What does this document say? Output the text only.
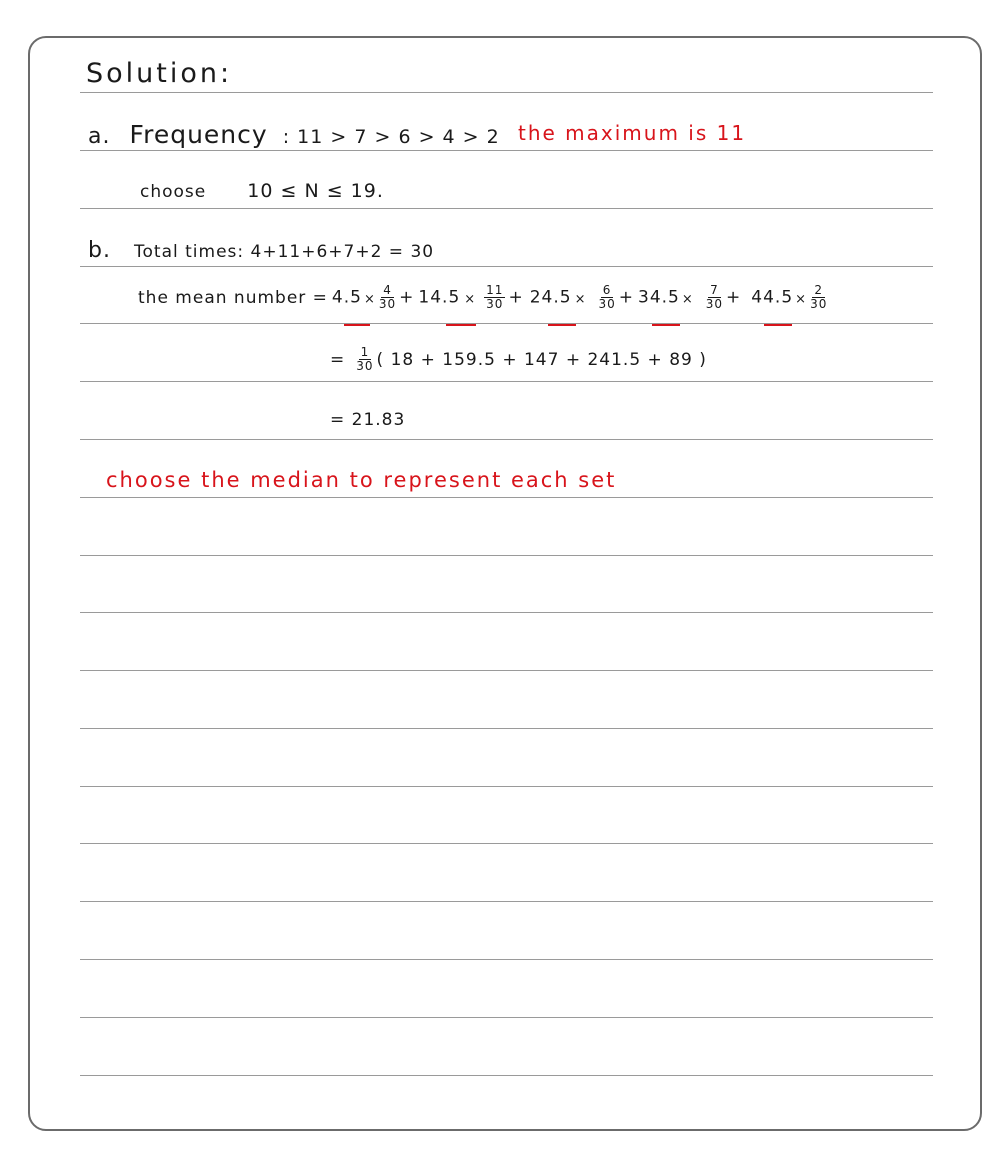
Solution:
a. Frequency : 11 > 7 > 6 > 4 > 2 the maximum is 11
choose 10 ≤ N ≤ 19.
b. Total times: 4+11+6+7+2 = 30
the mean number = $4.5 \times \frac{4}{30} + 14.5 \times \frac{11}{30} + 24.5 \times \frac{6}{30} + 34.5 \times \frac{7}{30} + 44.5 \times \frac{2}{30}$
= $\frac{1}{30}$ ( 18 + 159.5 + 147 + 241.5 + 89 )
= 21.83
choose the median to represent each set
